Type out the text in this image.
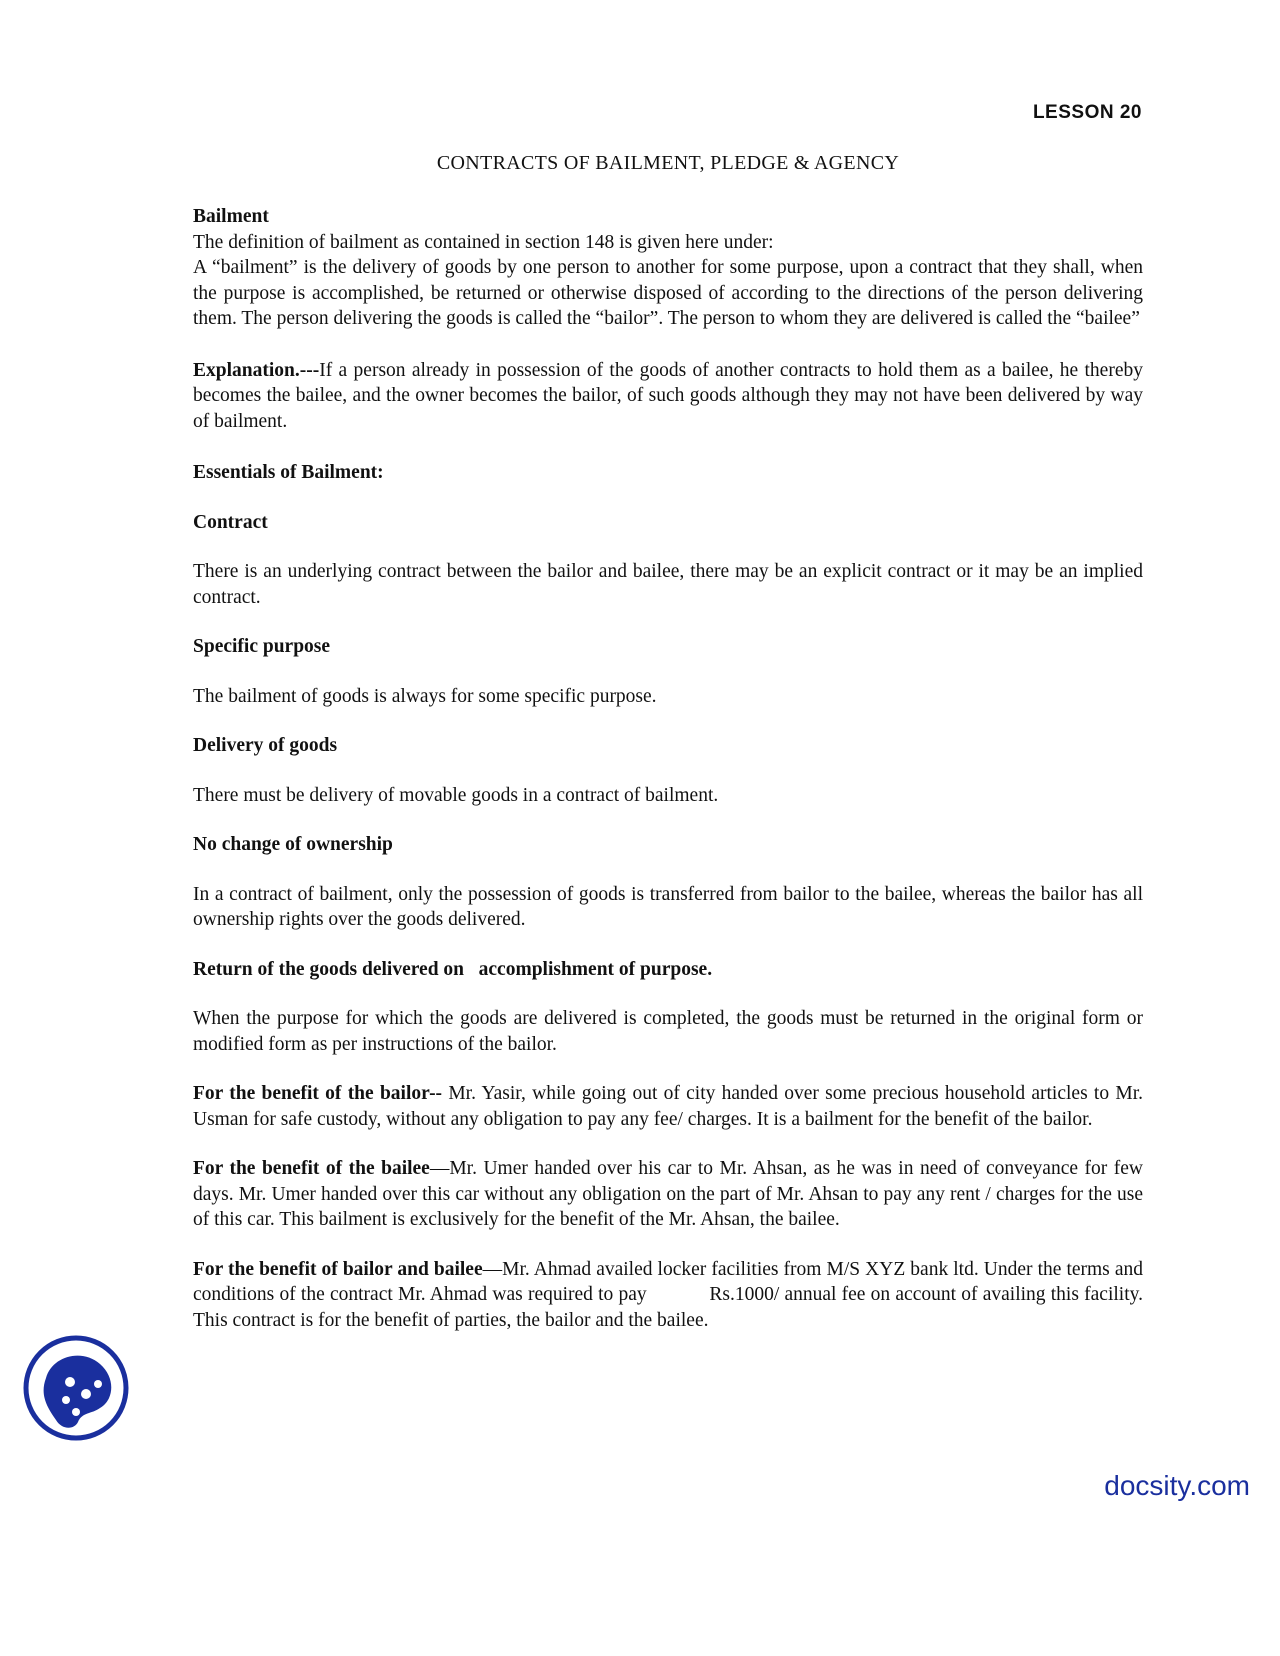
LESSON 20
CONTRACTS OF BAILMENT, PLEDGE & AGENCY

Bailment

The definition of bailment as contained in section 148 is given here under:

A “bailment” is the delivery of goods by one person to another for some purpose, upon a contract that they shall, when the purpose is accomplished, be returned or otherwise disposed of according to the directions of the person delivering them. The person delivering the goods is called the “bailor”. The person to whom they are delivered is called the “bailee”

Explanation.---If a person already in possession of the goods of another contracts to hold them as a bailee, he thereby becomes the bailee, and the owner becomes the bailor, of such goods although they may not have been delivered by way of bailment.

Essentials of Bailment:

Contract

There is an underlying contract between the bailor and bailee, there may be an explicit contract or it may be an implied contract.

Specific purpose

The bailment of goods is always for some specific purpose.

Delivery of goods

There must be delivery of movable goods in a contract of bailment.

No change of ownership

In a contract of bailment, only the possession of goods is transferred from bailor to the bailee, whereas the bailor has all ownership rights over the goods delivered.

Return of the goods delivered on   accomplishment of purpose.

When the purpose for which the goods are delivered is completed, the goods must be returned in the original form or modified form as per instructions of the bailor.

For the benefit of the bailor-- Mr. Yasir, while going out of city handed over some precious household articles to Mr. Usman for safe custody, without any obligation to pay any fee/ charges. It is a bailment for the benefit of the bailor.

For the benefit of the bailee—Mr. Umer handed over his car to Mr. Ahsan, as he was in need of conveyance for few days. Mr. Umer handed over this car without any obligation on the part of Mr. Ahsan to pay any rent / charges for the use of this car. This bailment is exclusively for the benefit of the Mr. Ahsan, the bailee.

For the benefit of bailor and bailee—Mr. Ahmad availed locker facilities from M/S XYZ bank ltd. Under the terms and conditions of the contract Mr. Ahmad was required to pay            Rs.1000/ annual fee on account of availing this facility. This contract is for the benefit of parties, the bailor and the bailee.

docsity.com
